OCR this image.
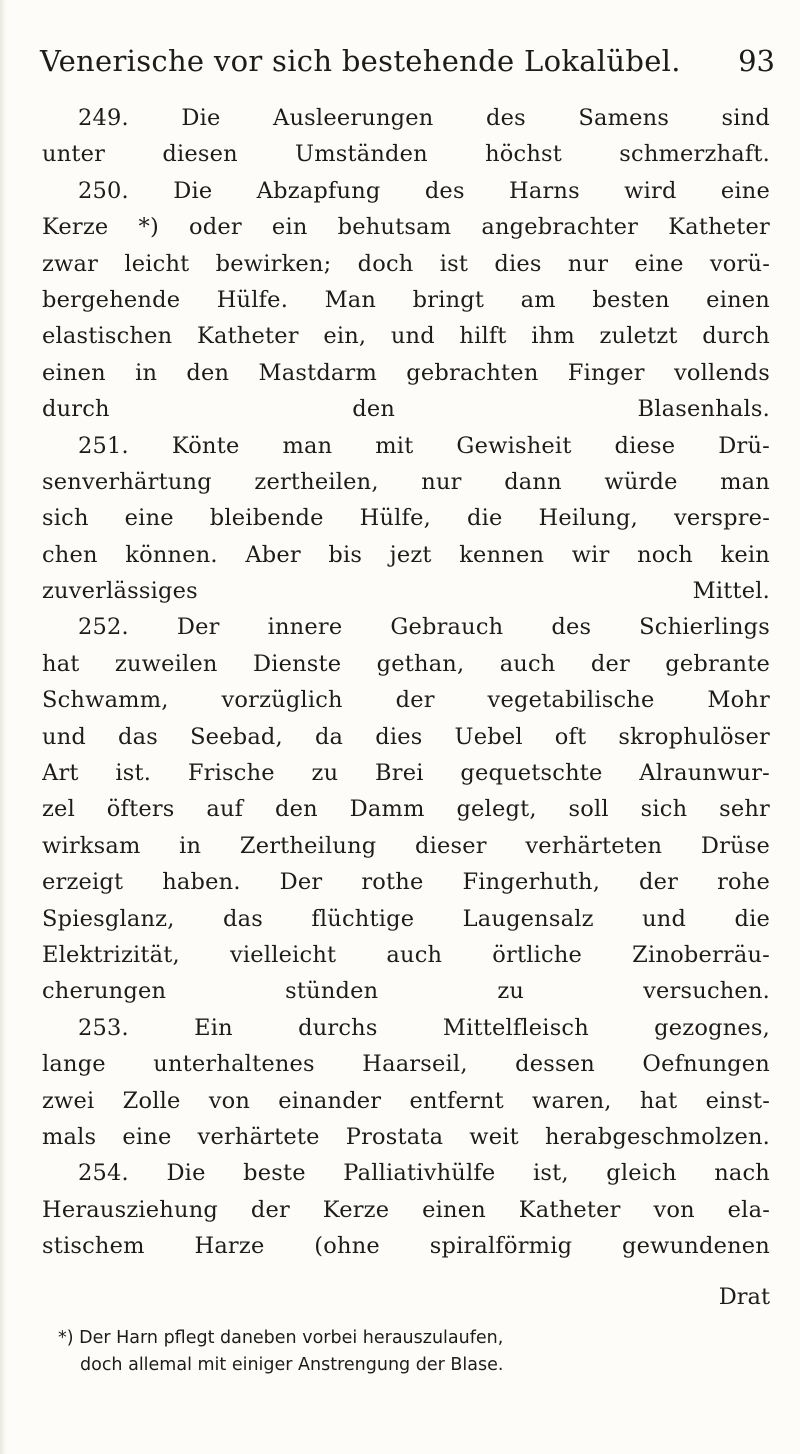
Venerische vor sich bestehende Lokalübel. 93

249. Die Ausleerungen des Samens sind
unter diesen Umständen höchst schmerzhaft.

250. Die Abzapfung des Harns wird eine
Kerze *) oder ein behutsam angebrachter Katheter
zwar leicht bewirken; doch ist dies nur eine vorü-
bergehende Hülfe. Man bringt am besten einen
elastischen Katheter ein, und hilft ihm zuletzt durch
einen in den Mastdarm gebrachten Finger vollends
durch den Blasenhals.

251. Könte man mit Gewisheit diese Drü-
senverhärtung zertheilen, nur dann würde man
sich eine bleibende Hülfe, die Heilung, verspre-
chen können. Aber bis jezt kennen wir noch kein
zuverlässiges Mittel.

252. Der innere Gebrauch des Schierlings
hat zuweilen Dienste gethan, auch der gebrante
Schwamm, vorzüglich der vegetabilische Mohr
und das Seebad, da dies Uebel oft skrophulöser
Art ist. Frische zu Brei gequetschte Alraunwur-
zel öfters auf den Damm gelegt, soll sich sehr
wirksam in Zertheilung dieser verhärteten Drüse
erzeigt haben. Der rothe Fingerhuth, der rohe
Spiesglanz, das flüchtige Laugensalz und die
Elektrizität, vielleicht auch örtliche Zinoberräu-
cherungen stünden zu versuchen.

253. Ein durchs Mittelfleisch gezognes,
lange unterhaltenes Haarseil, dessen Oefnungen
zwei Zolle von einander entfernt waren, hat einst-
mals eine verhärtete Prostata weit herabgeschmolzen.

254. Die beste Palliativhülfe ist, gleich nach
Herausziehung der Kerze einen Katheter von ela-
stischem Harze (ohne spiralförmig gewundenen

Drat
*) Der Harn pflegt daneben vorbei herauszulaufen,
doch allemal mit einiger Anstrengung der Blase.
